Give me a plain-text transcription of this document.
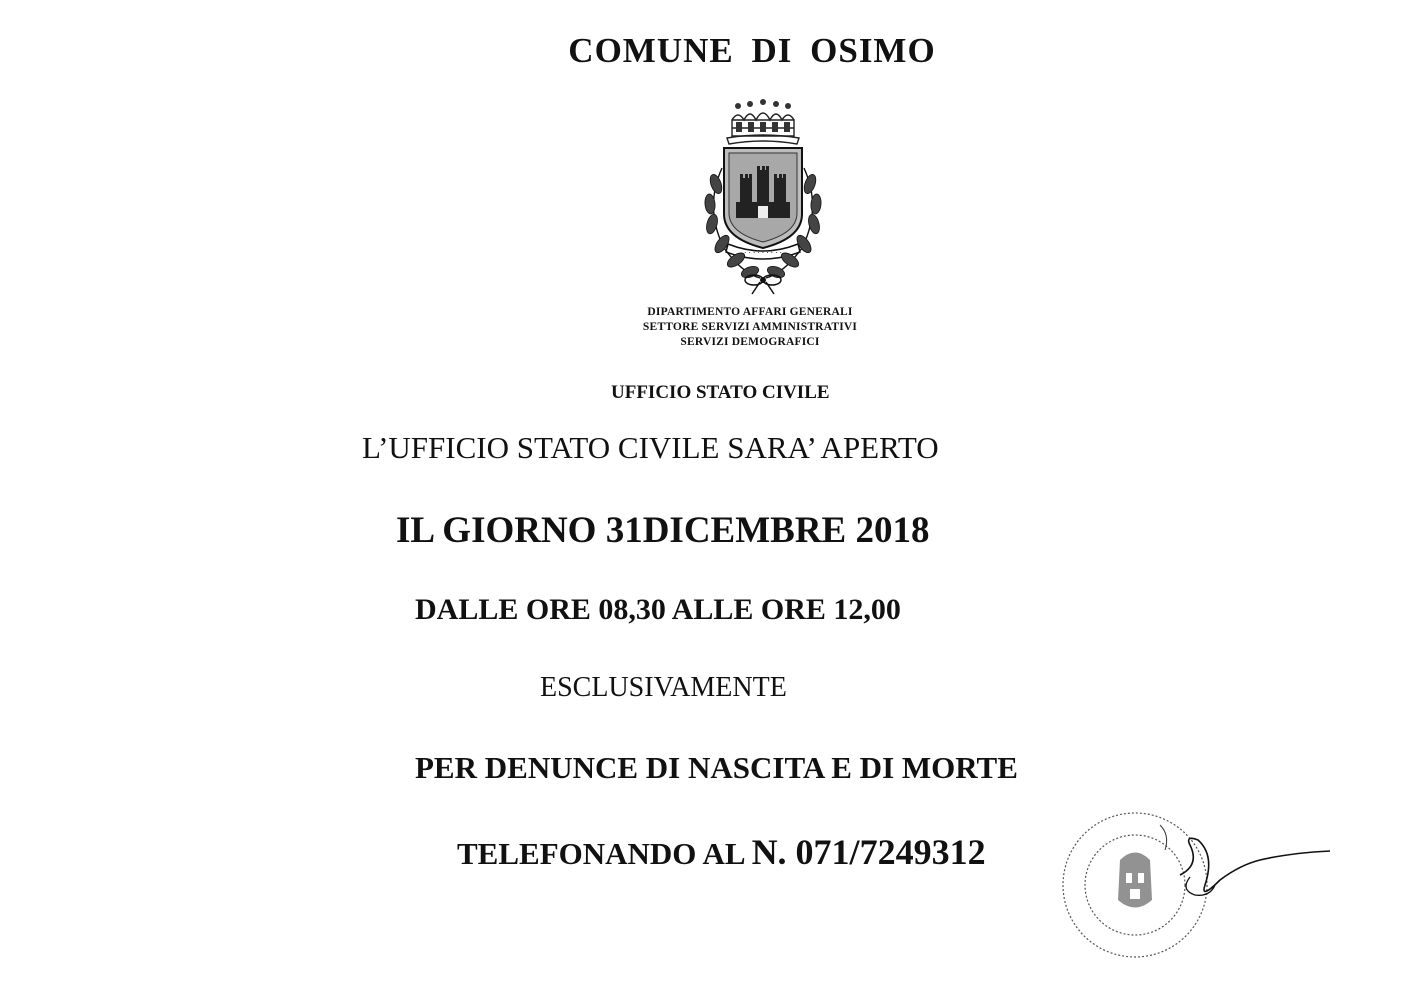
COMUNE DI OSIMO
· · · · · · · · ·
DIPARTIMENTO AFFARI GENERALI
SETTORE SERVIZI AMMINISTRATIVI
SERVIZI DEMOGRAFICI
UFFICIO STATO CIVILE
L’UFFICIO STATO CIVILE SARA’ APERTO
IL GIORNO 31DICEMBRE 2018
DALLE ORE 08,30 ALLE ORE 12,00
ESCLUSIVAMENTE
PER DENUNCE DI NASCITA E DI MORTE
TELEFONANDO AL N. 071/7249312
